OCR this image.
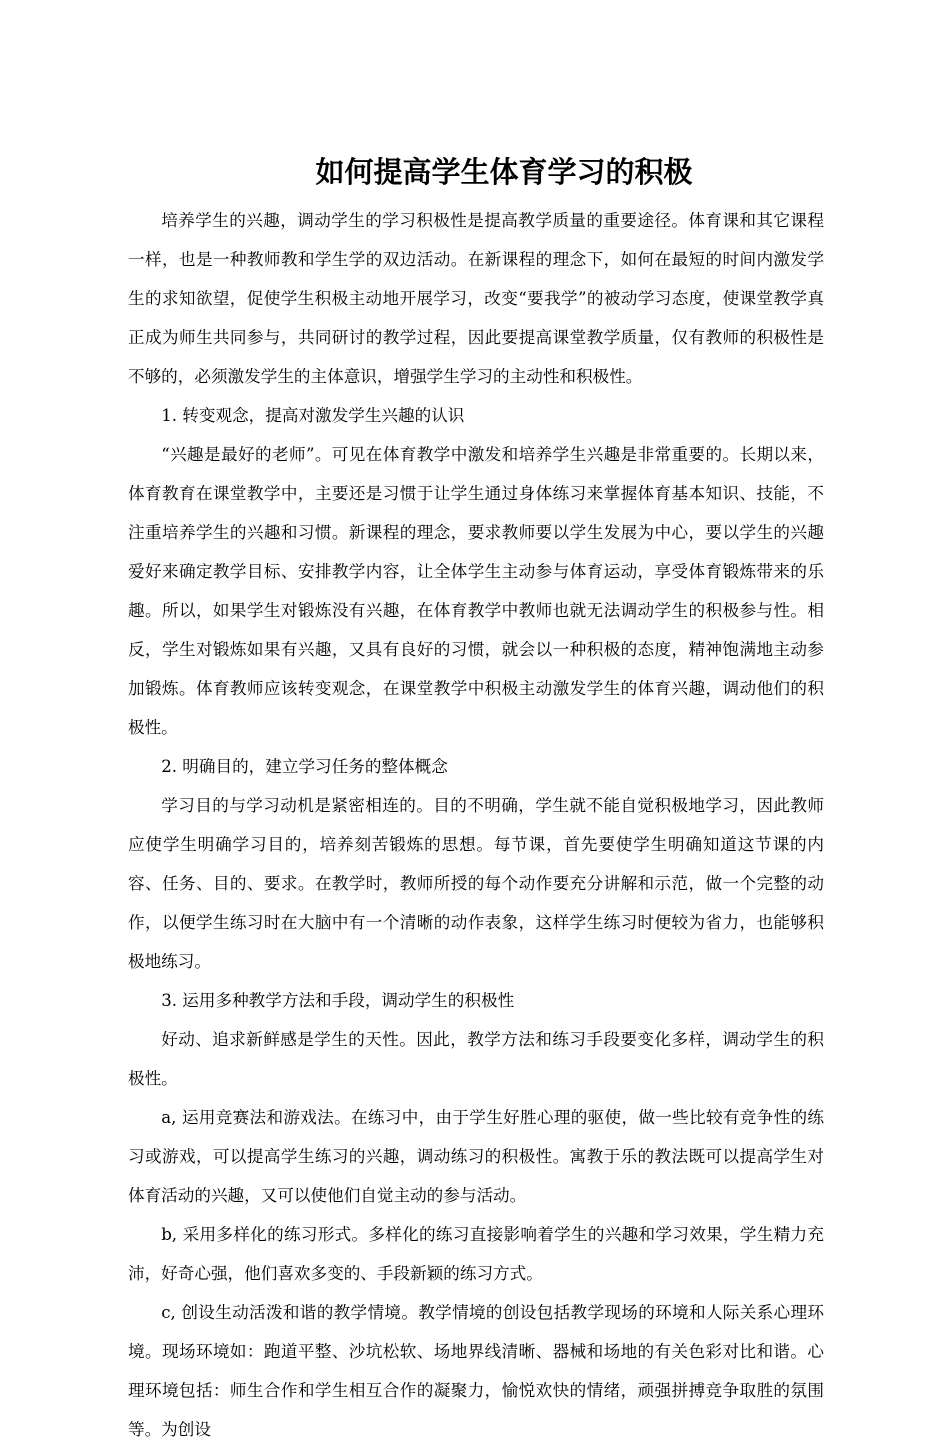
如何提高学生体育学习的积极

培养学生的兴趣，调动学生的学习积极性是提高教学质量的重要途径。体育课和其它课程一样，也是一种教师教和学生学的双边活动。在新课程的理念下，如何在最短的时间内激发学生的求知欲望，促使学生积极主动地开展学习，改变“要我学”的被动学习态度，使课堂教学真正成为师生共同参与，共同研讨的教学过程，因此要提高课堂教学质量，仅有教师的积极性是不够的，必须激发学生的主体意识，增强学生学习的主动性和积极性。

1. 转变观念，提高对激发学生兴趣的认识

“兴趣是最好的老师”。可见在体育教学中激发和培养学生兴趣是非常重要的。长期以来，体育教育在课堂教学中，主要还是习惯于让学生通过身体练习来掌握体育基本知识、技能，不注重培养学生的兴趣和习惯。新课程的理念，要求教师要以学生发展为中心，要以学生的兴趣爱好来确定教学目标、安排教学内容，让全体学生主动参与体育运动，享受体育锻炼带来的乐趣。所以，如果学生对锻炼没有兴趣，在体育教学中教师也就无法调动学生的积极参与性。相反，学生对锻炼如果有兴趣，又具有良好的习惯，就会以一种积极的态度，精神饱满地主动参加锻炼。体育教师应该转变观念，在课堂教学中积极主动激发学生的体育兴趣，调动他们的积极性。

2. 明确目的，建立学习任务的整体概念

学习目的与学习动机是紧密相连的。目的不明确，学生就不能自觉积极地学习，因此教师应使学生明确学习目的，培养刻苦锻炼的思想。每节课，首先要使学生明确知道这节课的内容、任务、目的、要求。在教学时，教师所授的每个动作要充分讲解和示范，做一个完整的动作，以便学生练习时在大脑中有一个清晰的动作表象，这样学生练习时便较为省力，也能够积极地练习。

3. 运用多种教学方法和手段，调动学生的积极性

好动、追求新鲜感是学生的天性。因此，教学方法和练习手段要变化多样，调动学生的积极性。

a, 运用竞赛法和游戏法。在练习中，由于学生好胜心理的驱使，做一些比较有竞争性的练习或游戏，可以提高学生练习的兴趣，调动练习的积极性。寓教于乐的教法既可以提高学生对体育活动的兴趣，又可以使他们自觉主动的参与活动。

b, 采用多样化的练习形式。多样化的练习直接影响着学生的兴趣和学习效果，学生精力充沛，好奇心强，他们喜欢多变的、手段新颖的练习方式。

c, 创设生动活泼和谐的教学情境。教学情境的创设包括教学现场的环境和人际关系心理环境。现场环境如：跑道平整、沙坑松软、场地界线清晰、器械和场地的有关色彩对比和谐。心理环境包括：师生合作和学生相互合作的凝聚力，愉悦欢快的情绪，顽强拼搏竞争取胜的氛围等。为创设
